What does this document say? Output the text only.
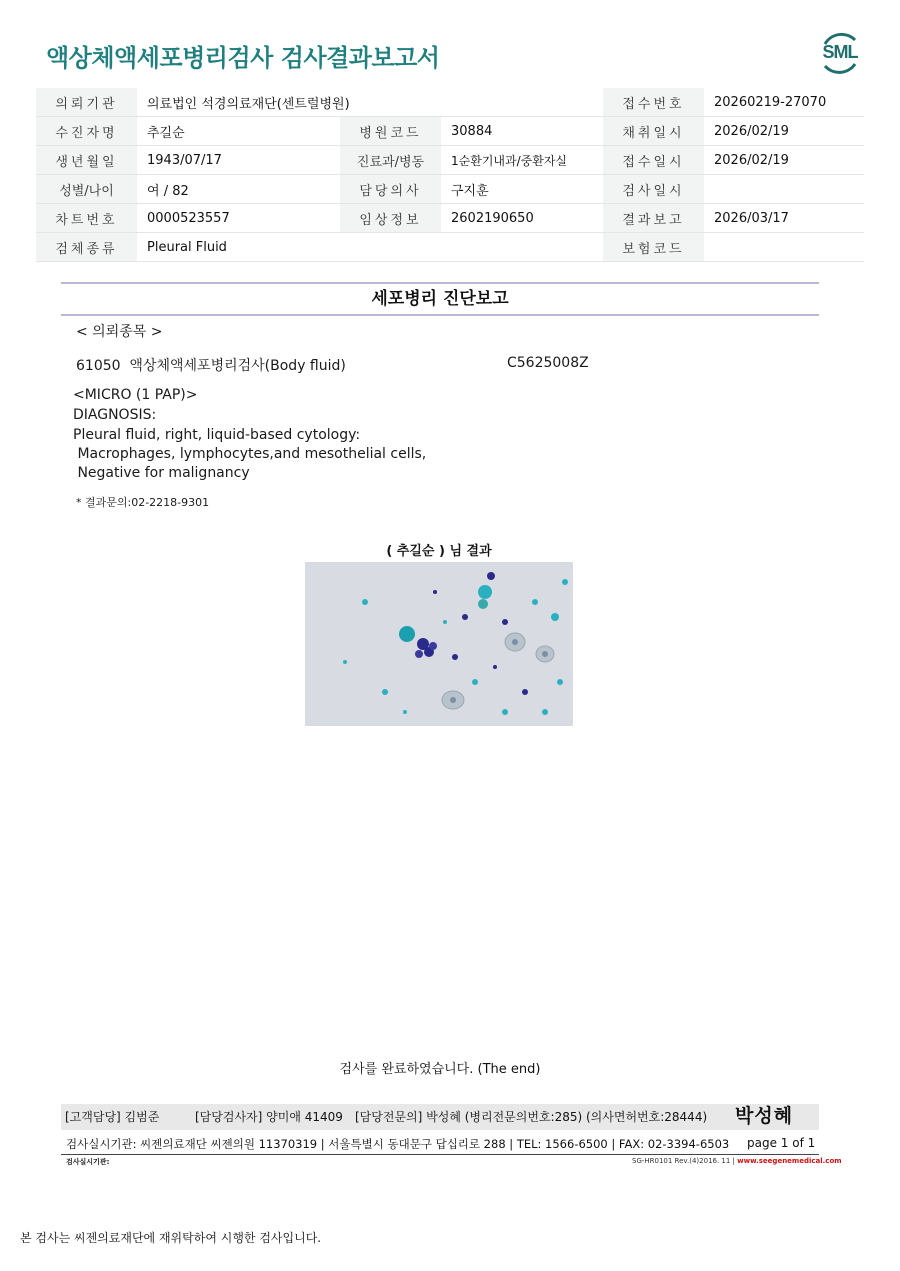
액상체액세포병리검사 검사결과보고서	SML
의뢰기관	의료법인 석경의료재단(센트럴병원)			접수번호	20260219-27070
수진자명	추길순	병원코드	30884	채취일시	2026/02/19
생년월일	1943/07/17	진료과/병동	1순환기내과/중환자실	접수일시	2026/02/19
성별/나이	여 / 82	담당의사	구지훈	검사일시	
차트번호	0000523557	임상정보	2602190650	결과보고	2026/03/17
검체종류	Pleural Fluid			보험코드	
세포병리 진단보고
< 의뢰종목 >
61050  액상체액세포병리검사(Body fluid)	C5625008Z
<MICRO (1 PAP)>
DIAGNOSIS:
Pleural fluid, right, liquid-based cytology:
Macrophages, lymphocytes,and mesothelial cells,
Negative for malignancy
* 결과문의:02-2218-9301
( 추길순 ) 님 결과
검사를 완료하였습니다. (The end)
[고객담당] 김범준	[담당검사자] 양미애 41409 [담당전문의] 박성혜 (병리전문의번호:285) (의사면허번호:28444) 박성혜
검사실시기관: 씨젠의료재단 씨젠의원 11370319 | 서울특별시 동대문구 답십리로 288 | TEL: 1566-6500 | FAX: 02-3394-6503 page 1 of 1
검사실시기관:	SG-HR0101 Rev.(4)2016. 11 | www.seegenemedical.com
본 검사는 씨젠의료재단에 재위탁하여 시행한 검사입니다.
